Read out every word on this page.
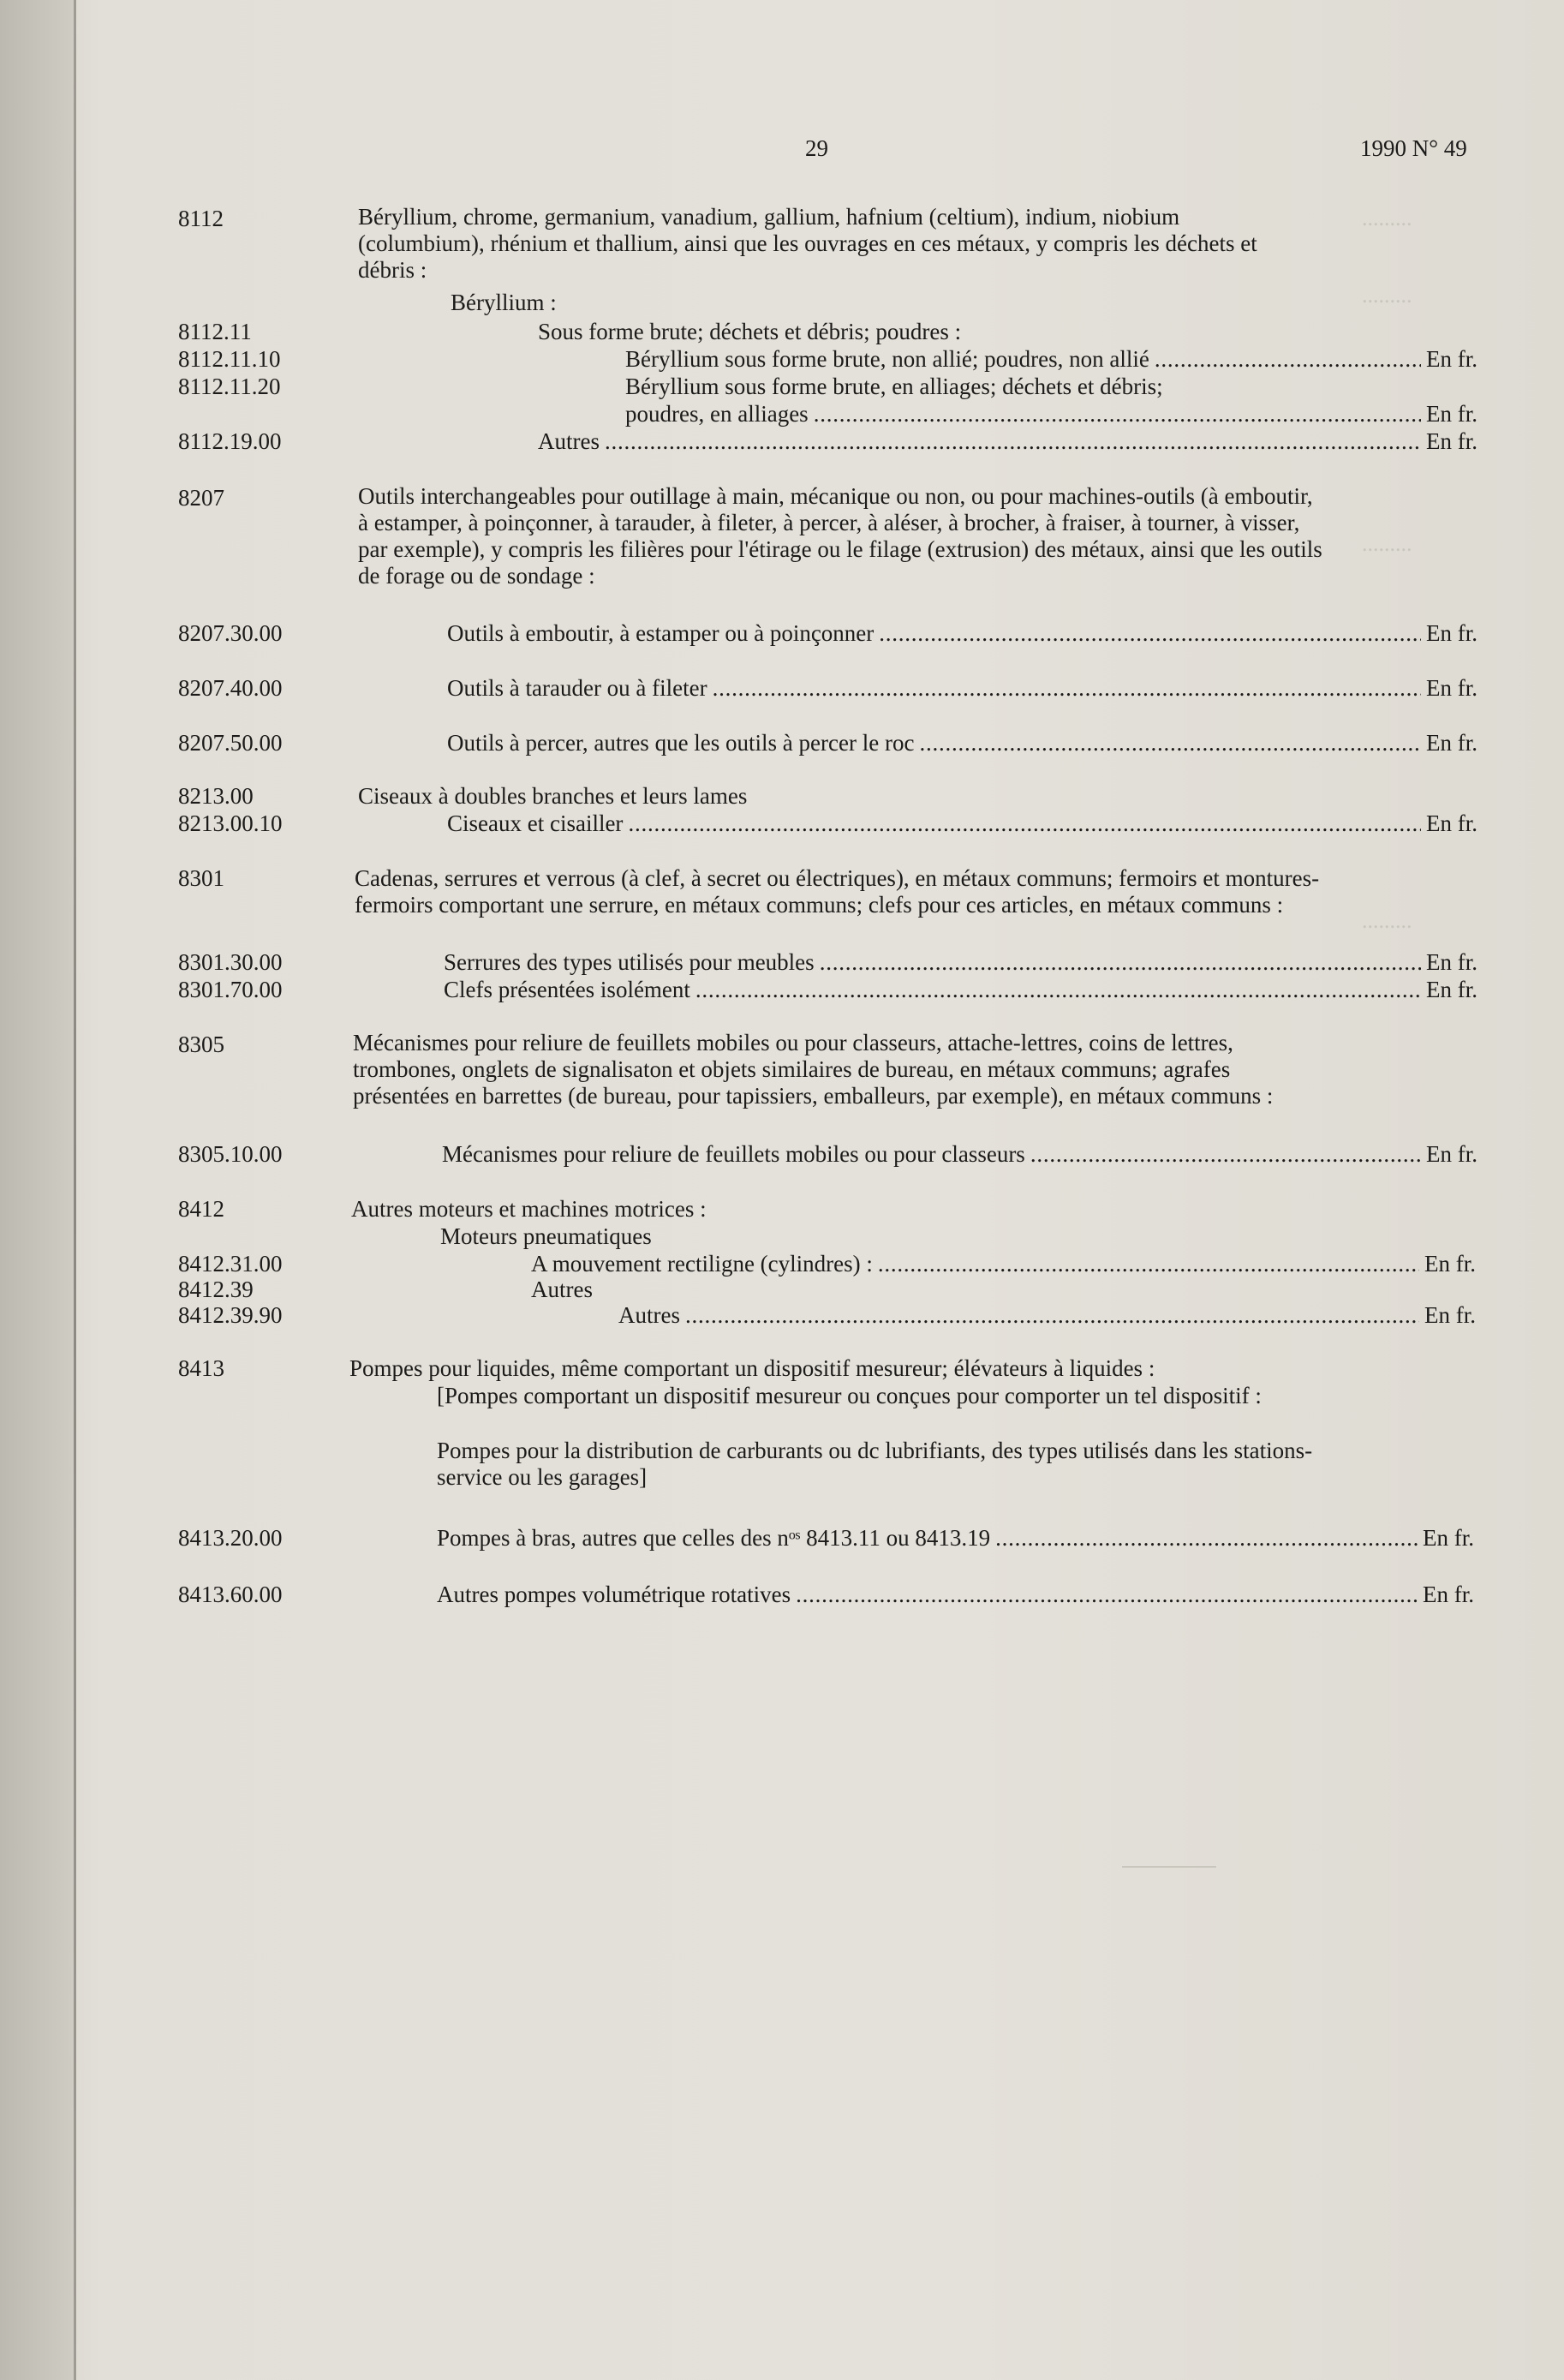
.........
.........
.........
.........
29	1990 N° 49
8112	Béryllium, chrome, germanium, vanadium, gallium, hafnium (celtium), indium, niobium (columbium), rhénium et thallium, ainsi que les ouvrages en ces métaux, y compris les déchets et débris :
Béryllium :
8112.11	Sous forme brute; déchets et débris; poudres :
8112.11.10	Béryllium sous forme brute, non allié; poudres, non allié . . .	En fr.
8112.11.20	Béryllium sous forme brute, en alliages; déchets et débris;
poudres, en alliages . . .	En fr.
8112.19.00	Autres . . .	En fr.
8207	Outils interchangeables pour outillage à main, mécanique ou non, ou pour machines-outils (à emboutir, à estamper, à poinçonner, à tarauder, à fileter, à percer, à aléser, à brocher, à fraiser, à tourner, à visser, par exemple), y compris les filières pour l'étirage ou le filage (extrusion) des métaux, ainsi que les outils de forage ou de sondage :
8207.30.00	Outils à emboutir, à estamper ou à poinçonner . . .	En fr.
8207.40.00	Outils à tarauder ou à fileter . . .	En fr.
8207.50.00	Outils à percer, autres que les outils à percer le roc . . .	En fr.
8213.00	Ciseaux à doubles branches et leurs lames
8213.00.10	Ciseaux et cisailler . . .	En fr.
8301	Cadenas, serrures et verrous (à clef, à secret ou électriques), en métaux communs; fermoirs et montures-fermoirs comportant une serrure, en métaux communs; clefs pour ces articles, en métaux communs :
8301.30.00	Serrures des types utilisés pour meubles . . .	En fr.
8301.70.00	Clefs présentées isolément . . .	En fr.
8305	Mécanismes pour reliure de feuillets mobiles ou pour classeurs, attache-lettres, coins de lettres, trombones, onglets de signalisaton et objets similaires de bureau, en métaux communs; agrafes présentées en barrettes (de bureau, pour tapissiers, emballeurs, par exemple), en métaux communs :
8305.10.00	Mécanismes pour reliure de feuillets mobiles ou pour classeurs . . .	En fr.
8412	Autres moteurs et machines motrices :
Moteurs pneumatiques
8412.31.00	A mouvement rectiligne (cylindres) : . . .	En fr.
8412.39	Autres
8412.39.90	Autres . . .	En fr.
8413	Pompes pour liquides, même comportant un dispositif mesureur; élévateurs à liquides :
[Pompes comportant un dispositif mesureur ou conçues pour comporter un tel dispositif :
Pompes pour la distribution de carburants ou dc lubrifiants, des types utilisés dans les stations-service ou les garages]
8413.20.00	Pompes à bras, autres que celles des nᵒˢ 8413.11 ou 8413.19 . . .	En fr.
8413.60.00	Autres pompes volumétrique rotatives . . .	En fr.
